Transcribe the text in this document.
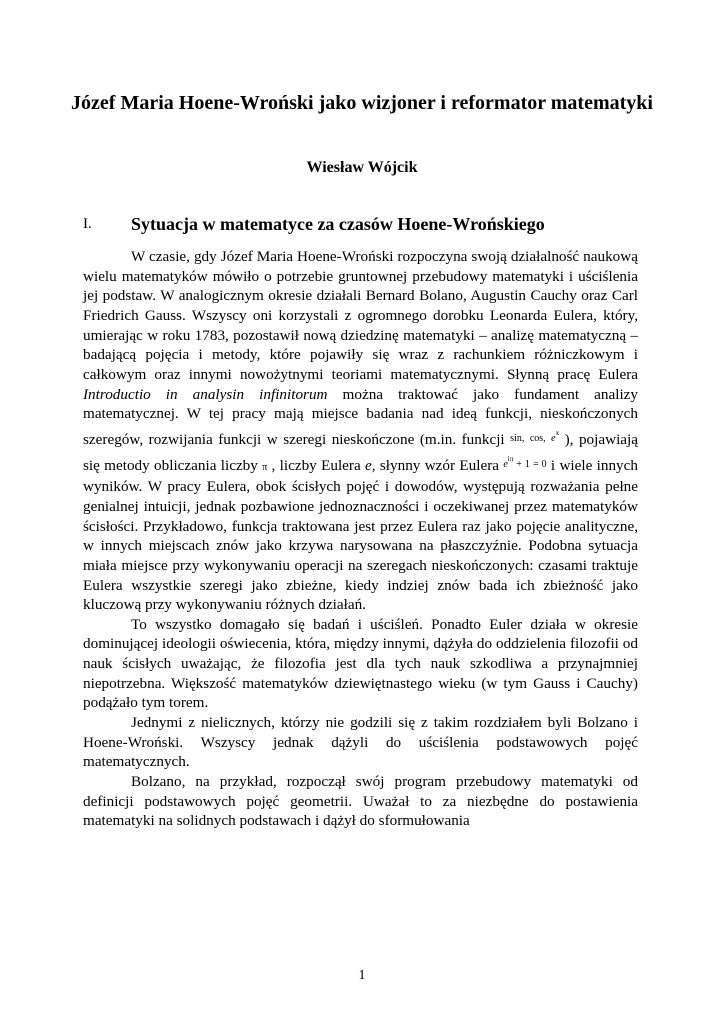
Józef Maria Hoene-Wroński jako wizjoner i reformator matematyki
Wiesław Wójcik
I. Sytuacja w matematyce za czasów Hoene-Wrońskiego

W czasie, gdy Józef Maria Hoene-Wroński rozpoczyna swoją działalność naukową wielu matematyków mówiło o potrzebie gruntownej przebudowy matematyki i uściślenia jej podstaw. W analogicznym okresie działali Bernard Bolano, Augustin Cauchy oraz Carl Friedrich Gauss. Wszyscy oni korzystali z ogromnego dorobku Leonarda Eulera, który, umierając w roku 1783, pozostawił nową dziedzinę matematyki – analizę matematyczną – badającą pojęcia i metody, które pojawiły się wraz z rachunkiem różniczkowym i całkowym oraz innymi nowożytnymi teoriami matematycznymi. Słynną pracę Eulera Introductio in analysin infinitorum można traktować jako fundament analizy matematycznej. W tej pracy mają miejsce badania nad ideą funkcji, nieskończonych szeregów, rozwijania funkcji w szeregi nieskończone (m.in. funkcji sin, cos, $e^x$ ), pojawiają się metody obliczania liczby π , liczby Eulera e, słynny wzór Eulera $e^{i\pi} + 1 = 0$ i wiele innych wyników. W pracy Eulera, obok ścisłych pojęć i dowodów, występują rozważania pełne genialnej intuicji, jednak pozbawione jednoznaczności i oczekiwanej przez matematyków ścisłości. Przykładowo, funkcja traktowana jest przez Eulera raz jako pojęcie analityczne, w innych miejscach znów jako krzywa narysowana na płaszczyźnie. Podobna sytuacja miała miejsce przy wykonywaniu operacji na szeregach nieskończonych: czasami traktuje Eulera wszystkie szeregi jako zbieżne, kiedy indziej znów bada ich zbieżność jako kluczową przy wykonywaniu różnych działań.

To wszystko domagało się badań i uściśleń. Ponadto Euler działa w okresie dominującej ideologii oświecenia, która, między innymi, dążyła do oddzielenia filozofii od nauk ścisłych uważając, że filozofia jest dla tych nauk szkodliwa a przynajmniej niepotrzebna. Większość matematyków dziewiętnastego wieku (w tym Gauss i Cauchy) podążało tym torem.

Jednymi z nielicznych, którzy nie godzili się z takim rozdziałem byli Bolzano i Hoene-Wroński. Wszyscy jednak dążyli do uściślenia podstawowych pojęć matematycznych.

Bolzano, na przykład, rozpoczął swój program przebudowy matematyki od definicji podstawowych pojęć geometrii. Uważał to za niezbędne do postawienia matematyki na solidnych podstawach i dążył do sformułowania

1
